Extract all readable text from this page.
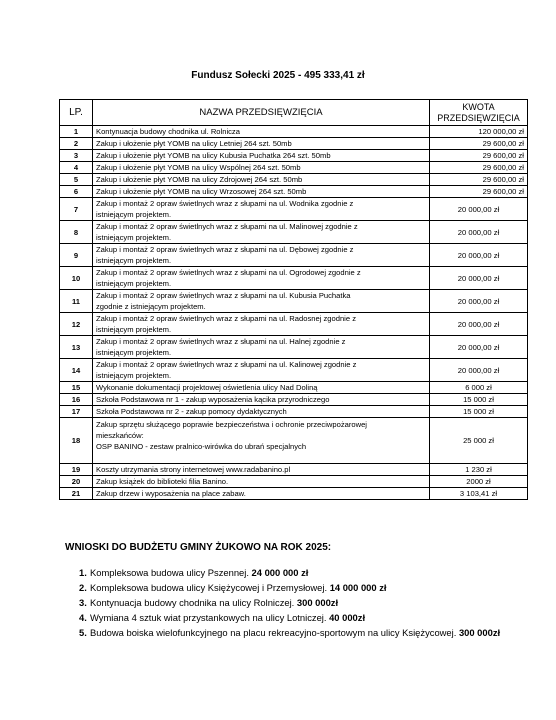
Fundusz Sołecki 2025 - 495 333,41 zł
LP.	NAZWA PRZEDSIĘWZIĘCIA	KWOTA
PRZEDSIĘWZIĘCIA

1	Kontynuacja budowy chodnika ul. Rolnicza	120 000,00 zł
2	Zakup i ułożenie płyt YOMB na ulicy Letniej 264 szt. 50mb	29 600,00 zł
3	Zakup i ułożenie płyt YOMB na ulicy Kubusia Puchatka 264 szt. 50mb	29 600,00 zł
4	Zakup i ułożenie płyt YOMB na ulicy Wspólnej 264 szt. 50mb	29 600,00 zł
5	Zakup i ułożenie płyt YOMB na ulicy Zdrojowej 264 szt. 50mb	29 600,00 zł
6	Zakup i ułożenie płyt YOMB na ulicy Wrzosowej 264 szt. 50mb	29 600,00 zł
7	Zakup i montaż 2 opraw świetlnych wraz z słupami na ul. Wodnika zgodnie z
istniejącym projektem.	20 000,00 zł
8	Zakup i montaż 2 opraw świetlnych wraz z słupami na ul. Malinowej zgodnie z
istniejącym projektem.	20 000,00 zł
9	Zakup i montaż 2 opraw świetlnych wraz z słupami na ul. Dębowej zgodnie z
istniejącym projektem.	20 000,00 zł
10	Zakup i montaż 2 opraw świetlnych wraz z słupami na ul. Ogrodowej zgodnie z
istniejącym projektem.	20 000,00 zł
11	Zakup i montaż 2 opraw świetlnych wraz z słupami na ul. Kubusia Puchatka
zgodnie z istniejącym projektem.	20 000,00 zł
12	Zakup i montaż 2 opraw świetlnych wraz z słupami na ul. Radosnej zgodnie z
istniejącym projektem.	20 000,00 zł
13	Zakup i montaż 2 opraw świetlnych wraz z słupami na ul. Halnej zgodnie z
istniejącym projektem.	20 000,00 zł
14	Zakup i montaż 2 opraw świetlnych wraz z słupami na ul. Kalinowej zgodnie z
istniejącym projektem.	20 000,00 zł
15	Wykonanie dokumentacji projektowej oświetlenia ulicy Nad Doliną	6 000 zł
16	Szkoła Podstawowa nr 1 - zakup wyposażenia kącika przyrodniczego	15 000 zł
17	Szkoła Podstawowa nr 2 - zakup pomocy dydaktycznych	15 000 zł
18	Zakup sprzętu służącego poprawie bezpieczeństwa i ochronie przeciwpożarowej
mieszkańców:
OSP BANINO - zestaw pralnico-wirówka do ubrań specjalnych	25 000 zł
19	Koszty utrzymania strony internetowej www.radabanino.pl	1 230 zł
20	Zakup książek do biblioteki filia Banino.	2000 zł
21	Zakup drzew i wyposażenia na place zabaw.	3 103,41 zł
WNIOSKI DO BUDŻETU GMINY ŻUKOWO NA ROK 2025:
1. Kompleksowa budowa ulicy Pszennej. 24 000 000 zł
2. Kompleksowa budowa ulicy Księżycowej i Przemysłowej. 14 000 000 zł
3. Kontynuacja budowy chodnika na ulicy Rolniczej. 300 000zł
4. Wymiana 4 sztuk wiat przystankowych na ulicy Lotniczej. 40 000zł
5. Budowa boiska wielofunkcyjnego na placu rekreacyjno-sportowym na ulicy Księżycowej. 300 000zł
